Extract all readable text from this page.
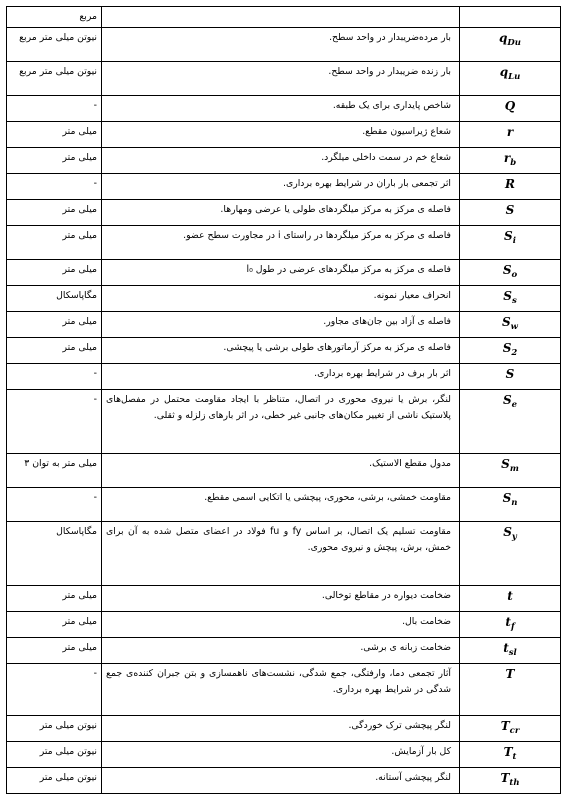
مربع		
نیوتن میلی متر مربع	بار مرده‌ضریبدار در واحد سطح.	$q_{Du}$
نیوتن میلی متر مربع	بار زنده ضریبدار در واحد سطح.	$q_{Lu}$
-	شاخص پایداری برای یک طبقه.	Q
میلی متر	شعاع ژیراسیون مقطع.	r
میلی متر	شعاع خم در سمت داخلی میلگرد.	$r_b$
-	اثر تجمعی بار باران در شرایط بهره برداری.	R
میلی متر	فاصله ی مرکز به مرکز میلگردهای طولی یا عرضی ومهارها.	S
میلی متر	فاصله ی مرکز به مرکز میلگردها در راستای i در مجاورت سطح عضو.	$S_i$
میلی متر	فاصله ی مرکز به مرکز میلگردهای عرضی در طول l₀	$S_o$
مگاپاسکال	انحراف معیار نمونه.	$S_s$
میلی متر	فاصله ی آزاد بین جان‌های مجاور.	$S_w$
میلی متر	فاصله ی مرکز به مرکز آرماتورهای طولی برشی یا پیچشی.	$S_2$
-	اثر بار برف در شرایط بهره برداری.	S
-	لنگر، برش یا نیروی محوری در اتصال، متناظر با ایجاد مقاومت محتمل در مفصل‌های پلاستیک ناشی از تغییر مکان‌های جانبی غیر خطی، در اثر بارهای زلزله و ثقلی.	$S_e$
میلی متر به توان ۳	مدول مقطع الاستیک.	$S_m$
-	مقاومت خمشی، برشی، محوری، پیچشی یا اتکایی اسمی مقطع.	$S_n$
مگاپاسکال	مقاومت تسلیم یک اتصال، بر اساس fy و fu فولاد در اعضای متصل شده به آن برای خمش، برش، پیچش و نیروی محوری.	$S_y$
میلی متر	ضخامت دیواره در مقاطع توخالی.	t
میلی متر	ضخامت بال.	$t_f$
میلی متر	ضخامت زبانه ی برشی.	$t_{sl}$
-	آثار تجمعی دما، وارفتگی، جمع شدگی، نشست‌های ناهمسازی و بتن جبران کننده‌ی جمع شدگی در شرایط بهره برداری.	T
نیوتن میلی متر	لنگر پیچشی ترک خوردگی.	$T_{cr}$
نیوتن میلی متر	کل بار آزمایش.	$T_t$
نیوتن میلی متر	لنگر پیچشی آستانه.	$T_{th}$
